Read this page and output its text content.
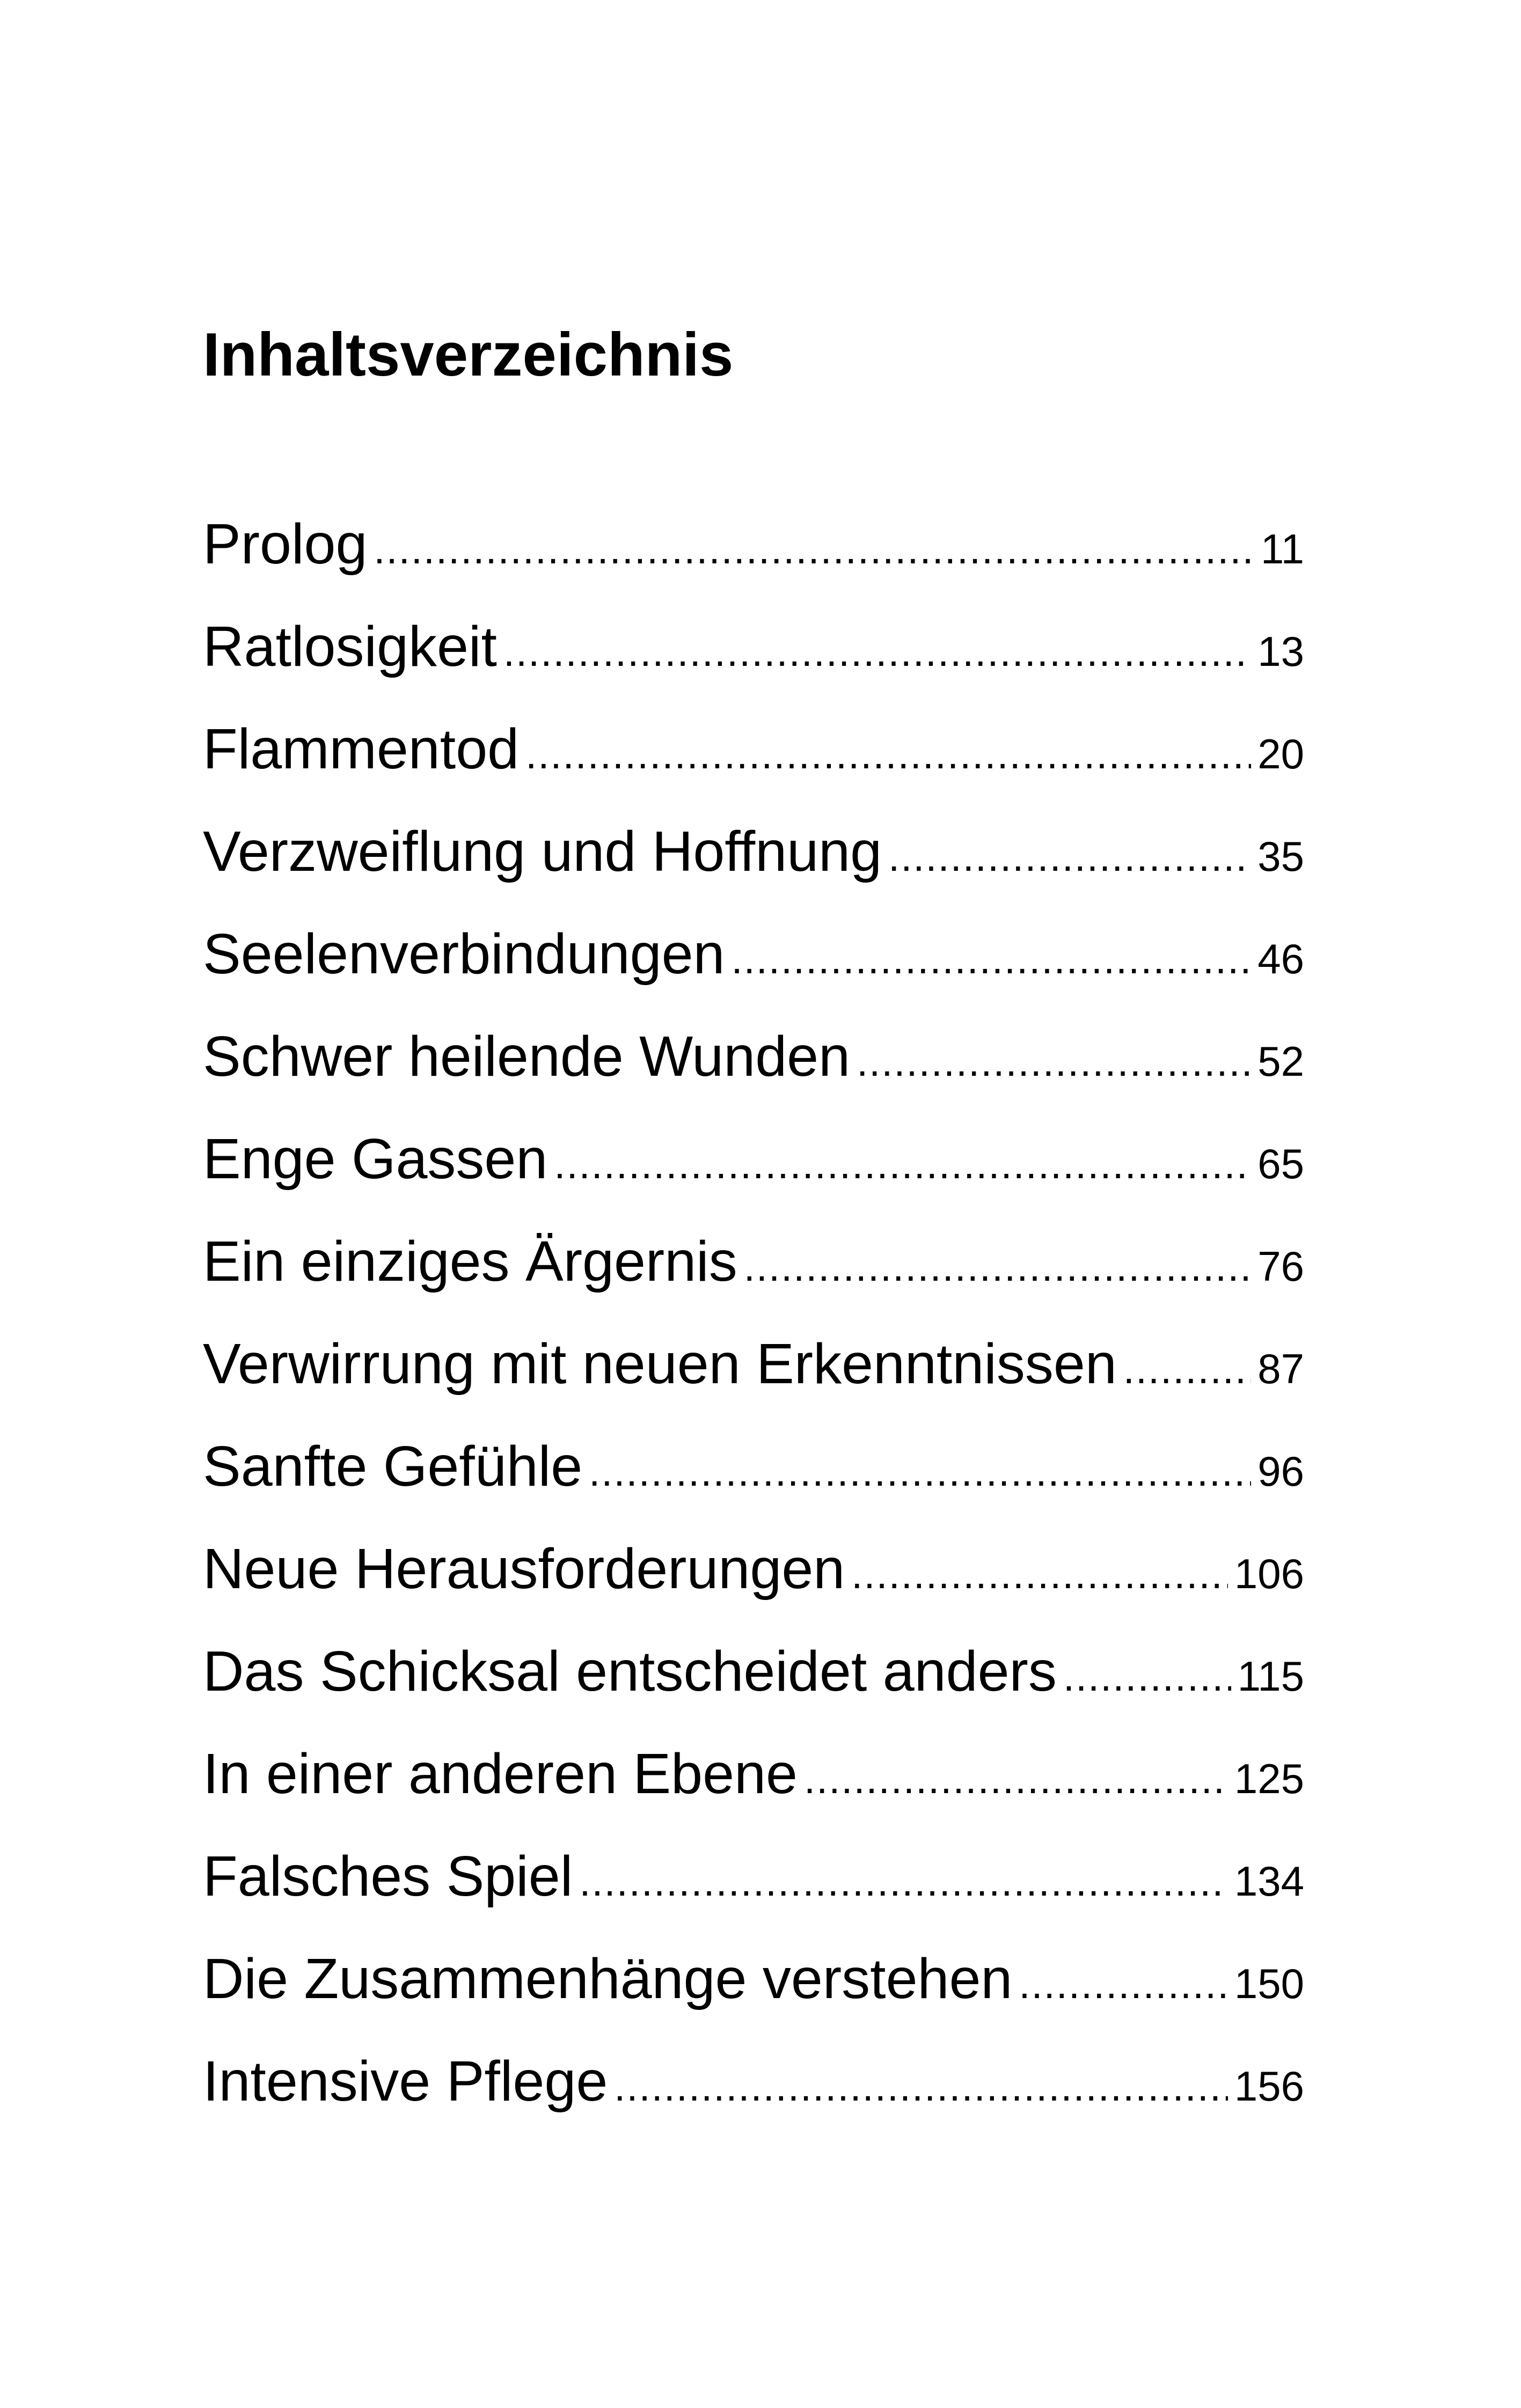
Inhaltsverzeichnis
Prolog .....	11
Ratlosigkeit .....	13
Flammentod .....	20
Verzweiflung und Hoffnung .....	35
Seelenverbindungen .....	46
Schwer heilende Wunden .....	52
Enge Gassen .....	65
Ein einziges Ärgernis .....	76
Verwirrung mit neuen Erkenntnissen .....	87
Sanfte Gefühle .....	96
Neue Herausforderungen .....	106
Das Schicksal entscheidet anders .....	115
In einer anderen Ebene .....	125
Falsches Spiel .....	134
Die Zusammenhänge verstehen .....	150
Intensive Pflege .....	156
